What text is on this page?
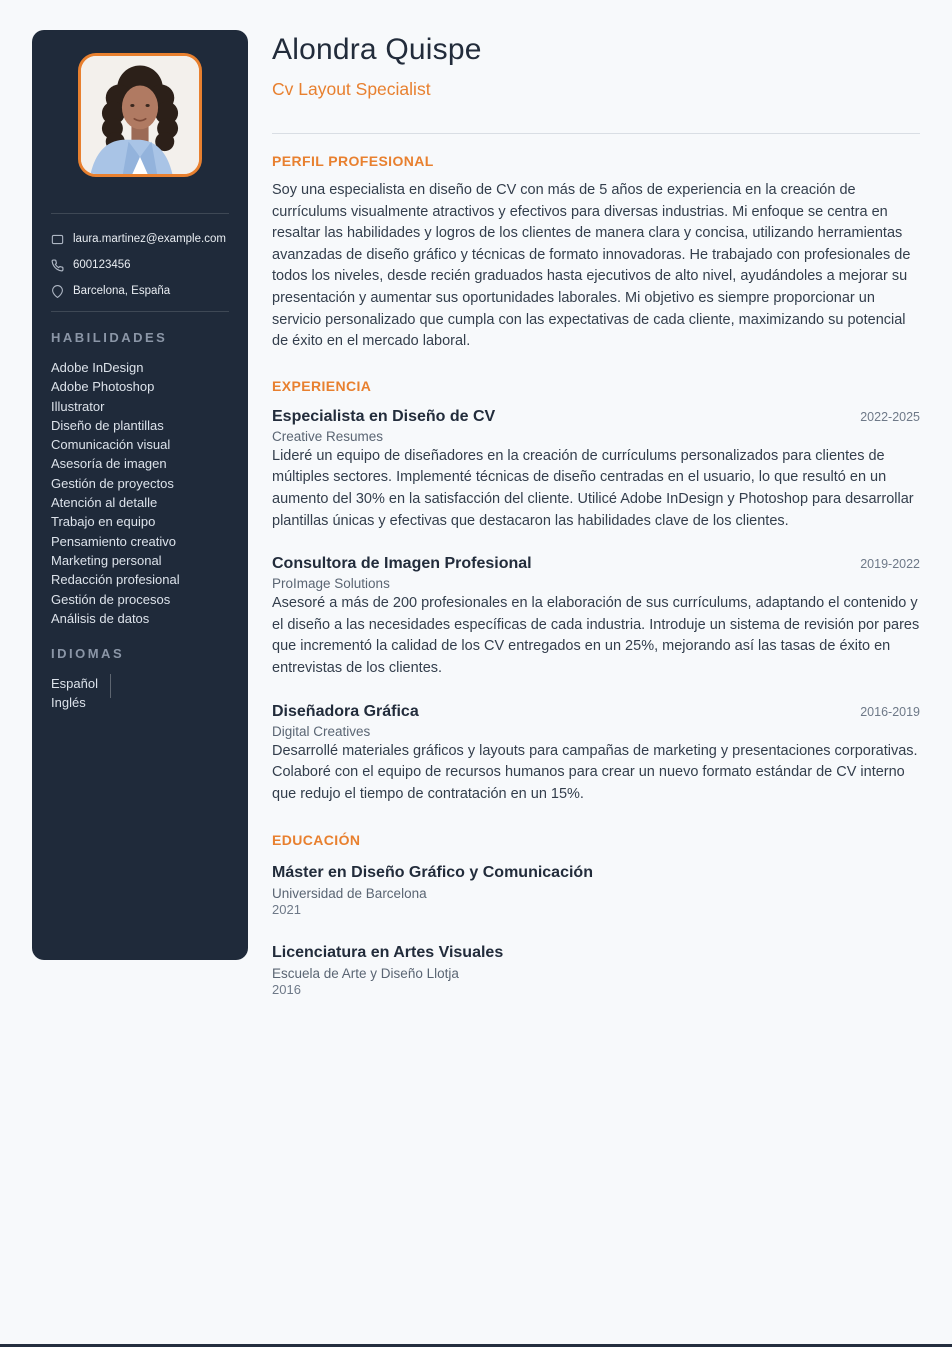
laura.martinez@example.com
600123456
Barcelona, España
HABILIDADES
Adobe InDesign
Adobe Photoshop
Illustrator
Diseño de plantillas
Comunicación visual
Asesoría de imagen
Gestión de proyectos
Atención al detalle
Trabajo en equipo
Pensamiento creativo
Marketing personal
Redacción profesional
Gestión de procesos
Análisis de datos
IDIOMAS
Español
Inglés
Alondra Quispe
Cv Layout Specialist
PERFIL PROFESIONAL

Soy una especialista en diseño de CV con más de 5 años de experiencia en la creación de currículums visualmente atractivos y efectivos para diversas industrias. Mi enfoque se centra en resaltar las habilidades y logros de los clientes de manera clara y concisa, utilizando herramientas avanzadas de diseño gráfico y técnicas de formato innovadoras. He trabajado con profesionales de todos los niveles, desde recién graduados hasta ejecutivos de alto nivel, ayudándoles a mejorar su presentación y aumentar sus oportunidades laborales. Mi objetivo es siempre proporcionar un servicio personalizado que cumpla con las expectativas de cada cliente, maximizando su potencial de éxito en el mercado laboral.

EXPERIENCIA
Especialista en Diseño de CV	2022-2025
Creative Resumes

Lideré un equipo de diseñadores en la creación de currículums personalizados para clientes de múltiples sectores. Implementé técnicas de diseño centradas en el usuario, lo que resultó en un aumento del 30% en la satisfacción del cliente. Utilicé Adobe InDesign y Photoshop para desarrollar plantillas únicas y efectivas que destacaron las habilidades clave de los clientes.

Consultora de Imagen Profesional	2019-2022
ProImage Solutions

Asesoré a más de 200 profesionales en la elaboración de sus currículums, adaptando el contenido y el diseño a las necesidades específicas de cada industria. Introduje un sistema de revisión por pares que incrementó la calidad de los CV entregados en un 25%, mejorando así las tasas de éxito en entrevistas de los clientes.

Diseñadora Gráfica	2016-2019
Digital Creatives

Desarrollé materiales gráficos y layouts para campañas de marketing y presentaciones corporativas. Colaboré con el equipo de recursos humanos para crear un nuevo formato estándar de CV interno que redujo el tiempo de contratación en un 15%.

EDUCACIÓN
Máster en Diseño Gráfico y Comunicación
Universidad de Barcelona
2021
Licenciatura en Artes Visuales
Escuela de Arte y Diseño Llotja
2016
